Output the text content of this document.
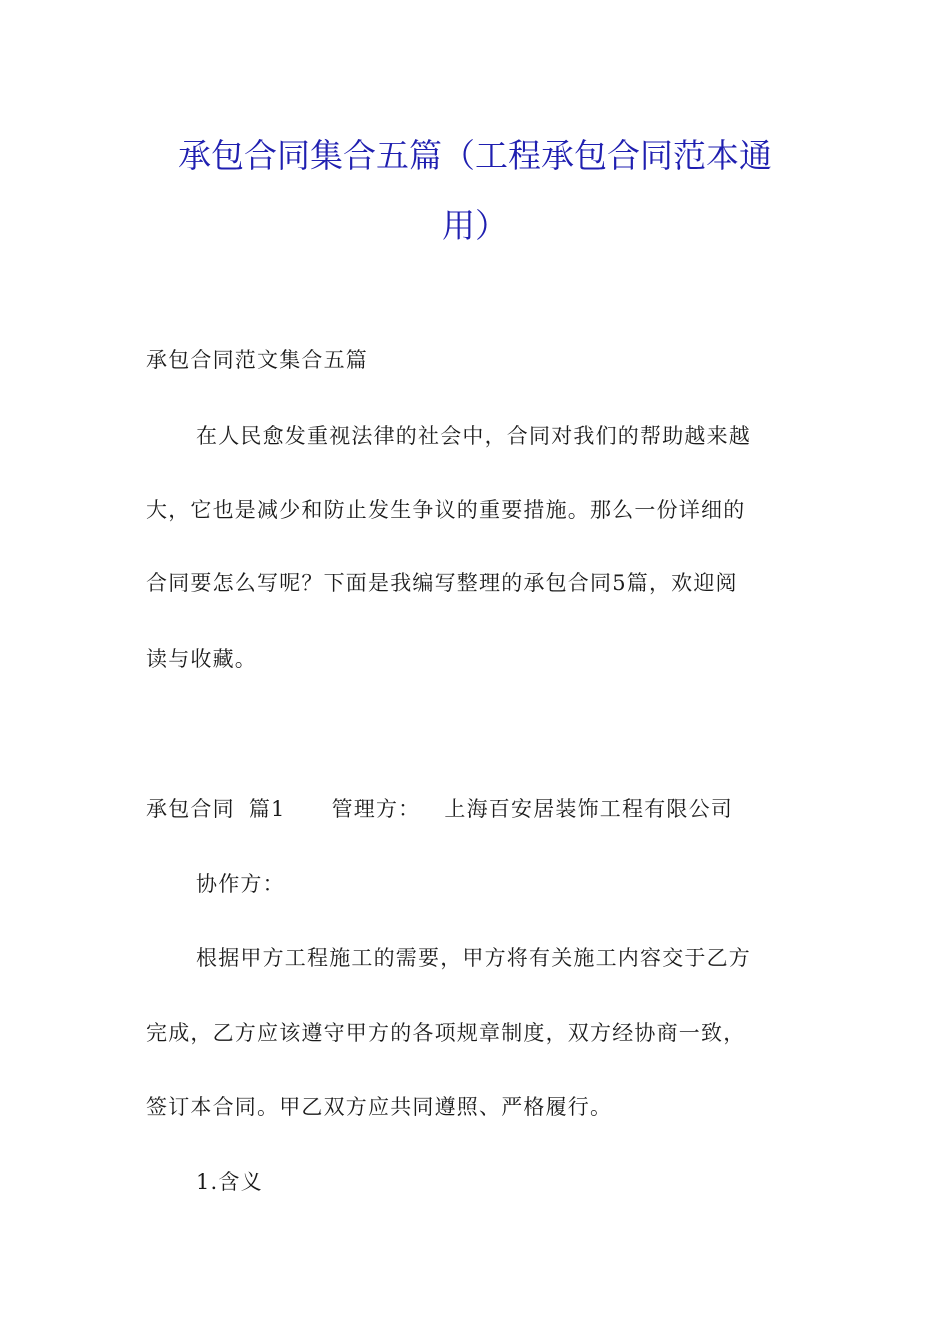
承包合同集合五篇（工程承包合同范本通
用）
承包合同范文集合五篇
在人民愈发重视法律的社会中，合同对我们的帮助越来越
大，它也是减少和防止发生争议的重要措施。那么一份详细的
合同要怎么写呢？下面是我编写整理的承包合同5篇，欢迎阅
读与收藏。
承包合同 篇1 管理方： 上海百安居装饰工程有限公司
协作方：
根据甲方工程施工的需要，甲方将有关施工内容交于乙方
完成，乙方应该遵守甲方的各项规章制度，双方经协商一致，
签订本合同。甲乙双方应共同遵照、严格履行。
1.含义
